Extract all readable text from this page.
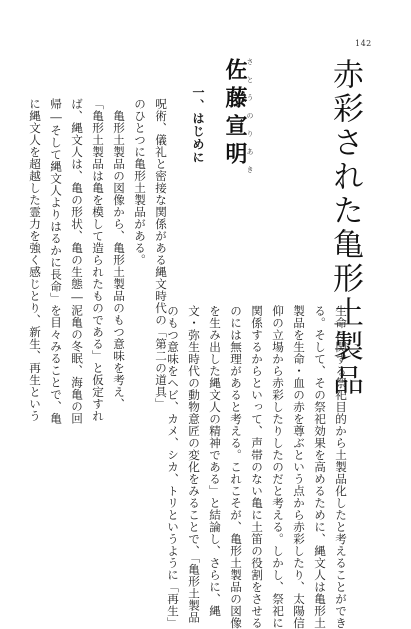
142
赤彩された亀形土製品
さとうのりあき
佐藤宣明
一、はじめに
呪術、儀礼と密接な関係がある縄文時代の「第二の道具」
のひとつに亀形土製品がある。
　亀形土製品の図像から、亀形土製品のもつ意味を考え、
「亀形土製品は亀を模して造られたものである」と仮定すれ
ば、縄文人は、亀の形状、亀の生態―泥亀の冬眠、海亀の回
帰―そして縄文人よりはるかに長命」を目々みることで、亀
に縄文人を超越した霊力を強く感じとり、新生、再生という
生命に関する祭祀目的から土製品化したと考えることができ
る。そして、その祭祀効果を高めるために、縄文人は亀形土
製品を生命・血の赤を尊ぶという点から赤彩したり、太陽信
仰の立場から赤彩したりしたのだと考える。しかし、祭祀に
関係するからといって、声帯のない亀に土笛の役割をさせる
のには無理があると考える。これこそが、亀形土製品の図像
を生み出した縄文人の精神である」と結論し、さらに、縄
文・弥生時代の動物意匠の変化をみることで、「亀形土製品
のもつ意味をヘビ、カメ、シカ、トリというように「再生」
